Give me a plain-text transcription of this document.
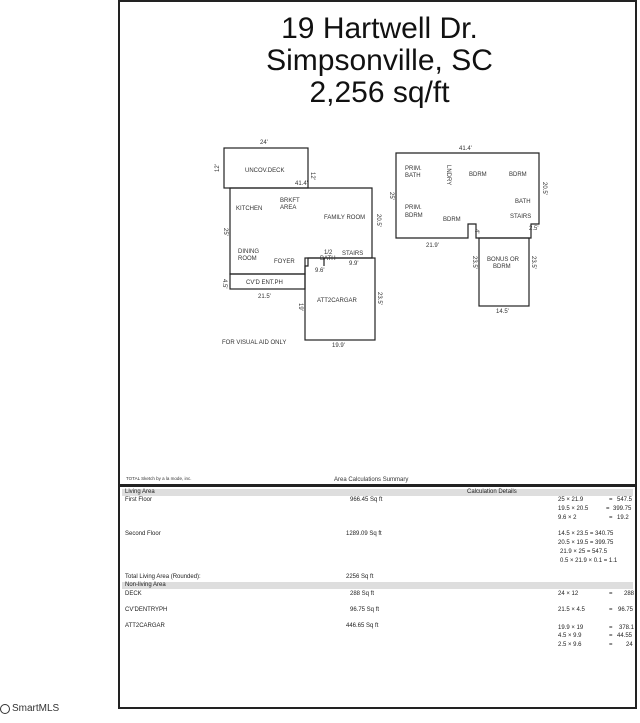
19 Hartwell Dr.
Simpsonville, SC
2,256 sq/ft
24'
12'
12'
UNCOV.DECK
41.4'
KITCHEN
BRKFT
AREA
FAMILY ROOM
DINING
ROOM	FOYER
1/2
BATH
STAIRS
25'
20.5'
9.6'
9.9'
CV'D ENT.PH
4.5'
21.5'
ATT2CARGAR
19'
23.5'
19.9'
FOR VISUAL AID ONLY
41.4'
PRIM.
BATH	LNDRY	BDRM	BDRM
PRIM.
BDRM
BDRM
BATH
STAIRS
25'
20.5'
2.5'
21.9'
4'
BONUS OR
BDRM
23.5'	23.5'
14.5'
TOTAL Sketch by a la mode, inc.	Area Calculations Summary
Living Area	Calculation Details
First Floor	966.45 Sq ft	25 × 21.9	= 547.5
19.5 × 20.5	= 399.75
9.6 × 2	= 19.2
Second Floor	1289.09 Sq ft	14.5 × 23.5 = 340.75
20.5 × 19.5 = 399.75
21.9 × 25 = 547.5
0.5 × 21.9 × 0.1 = 1.1
Total Living Area (Rounded):	2256 Sq ft
Non-living Area
DECK	288 Sq ft	24 × 12	= 288
CV'DENTRYPH	96.75 Sq ft	21.5 × 4.5	= 96.75
ATT2CARGAR	446.65 Sq ft	19.9 × 19	= 378.1
4.5 × 9.9	= 44.55
2.5 × 9.6	= 24
SmartMLS
